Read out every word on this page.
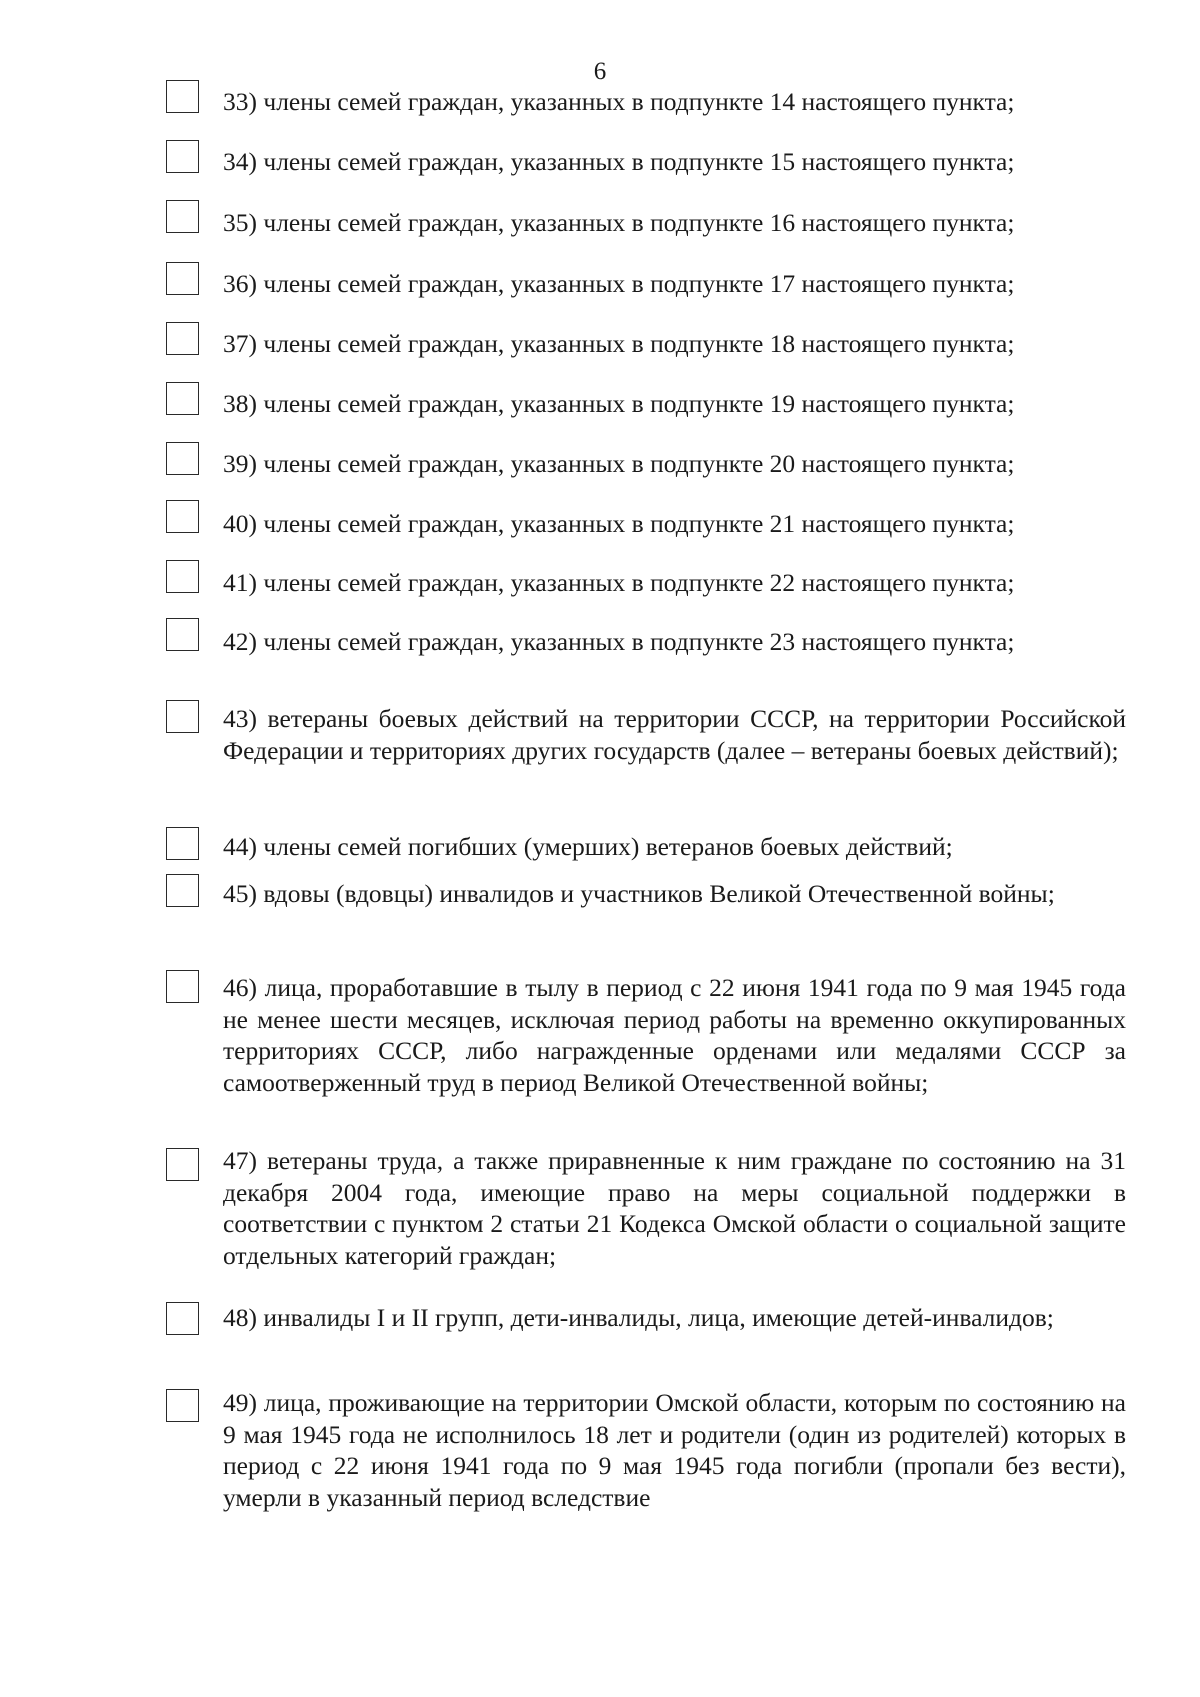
6

33) члены семей граждан, указанных в подпункте 14 настоящего пункта;

34) члены семей граждан, указанных в подпункте 15 настоящего пункта;

35) члены семей граждан, указанных в подпункте 16 настоящего пункта;

36) члены семей граждан, указанных в подпункте 17 настоящего пункта;

37) члены семей граждан, указанных в подпункте 18 настоящего пункта;

38) члены семей граждан, указанных в подпункте 19 настоящего пункта;

39) члены семей граждан, указанных в подпункте 20 настоящего пункта;

40) члены семей граждан, указанных в подпункте 21 настоящего пункта;

41) члены семей граждан, указанных в подпункте 22 настоящего пункта;

42) члены семей граждан, указанных в подпункте 23 настоящего пункта;

43) ветераны боевых действий на территории СССР, на территории Российской Федерации и территориях других государств (далее – ветераны боевых действий);

44) члены семей погибших (умерших) ветеранов боевых действий;

45) вдовы (вдовцы) инвалидов и участников Великой Отечественной войны;

46) лица, проработавшие в тылу в период с 22 июня 1941 года по 9 мая 1945 года не менее шести месяцев, исключая период работы на временно оккупированных территориях СССР, либо награжденные орденами или медалями СССР за самоотверженный труд в период Великой Отечественной войны;

47) ветераны труда, а также приравненные к ним граждане по состоянию на 31 декабря 2004 года, имеющие право на меры социальной поддержки в соответствии с пунктом 2 статьи 21 Кодекса Омской области о социальной защите отдельных категорий граждан;

48) инвалиды I и II групп, дети-инвалиды, лица, имеющие детей-инвалидов;

49) лица, проживающие на территории Омской области, которым по состоянию на 9 мая 1945 года не исполнилось 18 лет и родители (один из родителей) которых в период с 22 июня 1941 года по 9 мая 1945 года погибли (пропали без вести), умерли в указанный период вследствие
